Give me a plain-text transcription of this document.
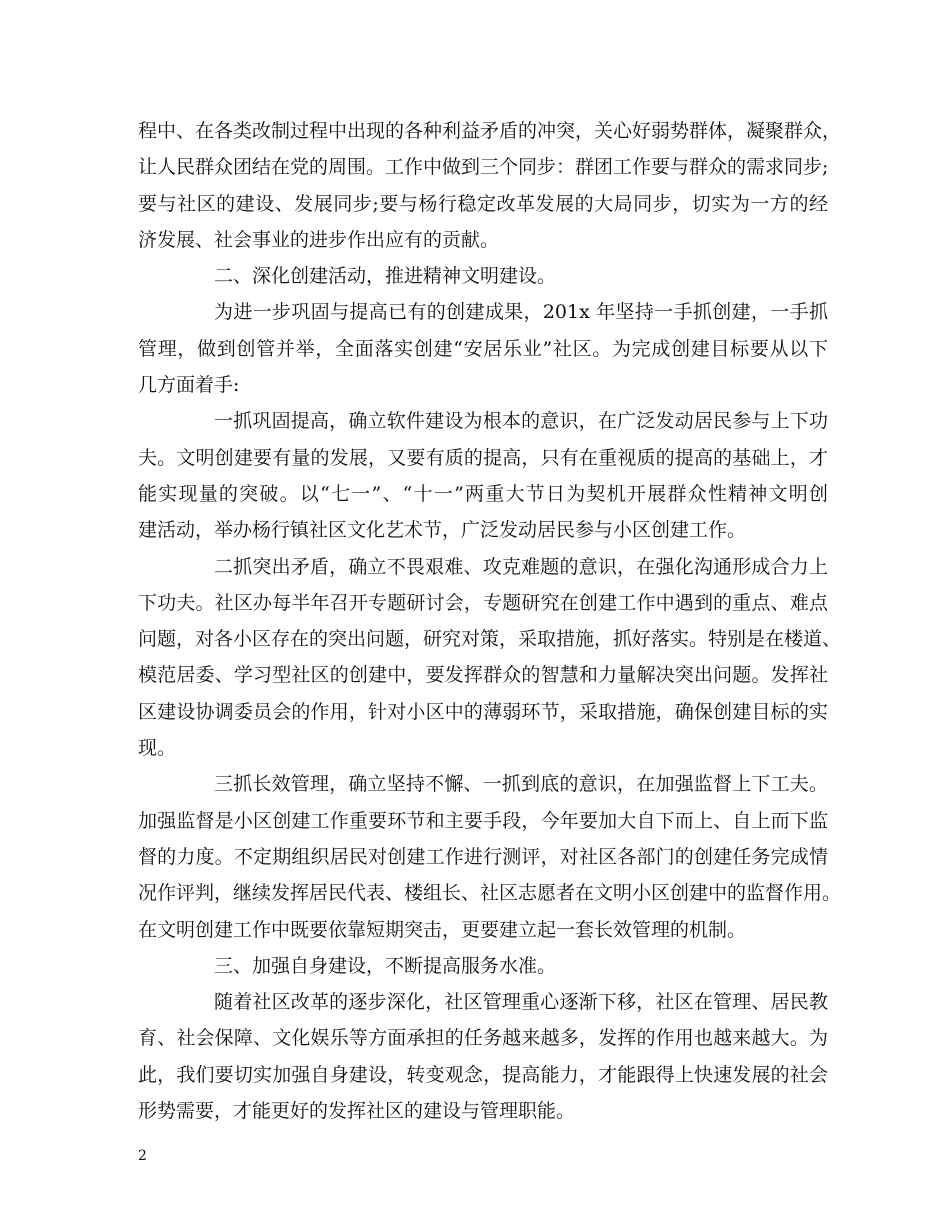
程中、在各类改制过程中出现的各种利益矛盾的冲突，关心好弱势群体，凝聚群众，
让人民群众团结在党的周围。工作中做到三个同步：群团工作要与群众的需求同步;
要与社区的建设、发展同步;要与杨行稳定改革发展的大局同步，切实为一方的经
济发展、社会事业的进步作出应有的贡献。
二、深化创建活动，推进精神文明建设。
为进一步巩固与提高已有的创建成果，201x 年坚持一手抓创建，一手抓
管理，做到创管并举，全面落实创建“安居乐业”社区。为完成创建目标要从以下
几方面着手:
一抓巩固提高，确立软件建设为根本的意识，在广泛发动居民参与上下功
夫。文明创建要有量的发展，又要有质的提高，只有在重视质的提高的基础上，才
能实现量的突破。以“七一”、“十一”两重大节日为契机开展群众性精神文明创
建活动，举办杨行镇社区文化艺术节，广泛发动居民参与小区创建工作。
二抓突出矛盾，确立不畏艰难、攻克难题的意识，在强化沟通形成合力上
下功夫。社区办每半年召开专题研讨会，专题研究在创建工作中遇到的重点、难点
问题，对各小区存在的突出问题，研究对策，采取措施，抓好落实。特别是在楼道、
模范居委、学习型社区的创建中，要发挥群众的智慧和力量解决突出问题。发挥社
区建设协调委员会的作用，针对小区中的薄弱环节，采取措施，确保创建目标的实
现。
三抓长效管理，确立坚持不懈、一抓到底的意识，在加强监督上下工夫。
加强监督是小区创建工作重要环节和主要手段，今年要加大自下而上、自上而下监
督的力度。不定期组织居民对创建工作进行测评，对社区各部门的创建任务完成情
况作评判，继续发挥居民代表、楼组长、社区志愿者在文明小区创建中的监督作用。
在文明创建工作中既要依靠短期突击，更要建立起一套长效管理的机制。
三、加强自身建设，不断提高服务水准。
随着社区改革的逐步深化，社区管理重心逐渐下移，社区在管理、居民教
育、社会保障、文化娱乐等方面承担的任务越来越多，发挥的作用也越来越大。为
此，我们要切实加强自身建设，转变观念，提高能力，才能跟得上快速发展的社会
形势需要，才能更好的发挥社区的建设与管理职能。
2
